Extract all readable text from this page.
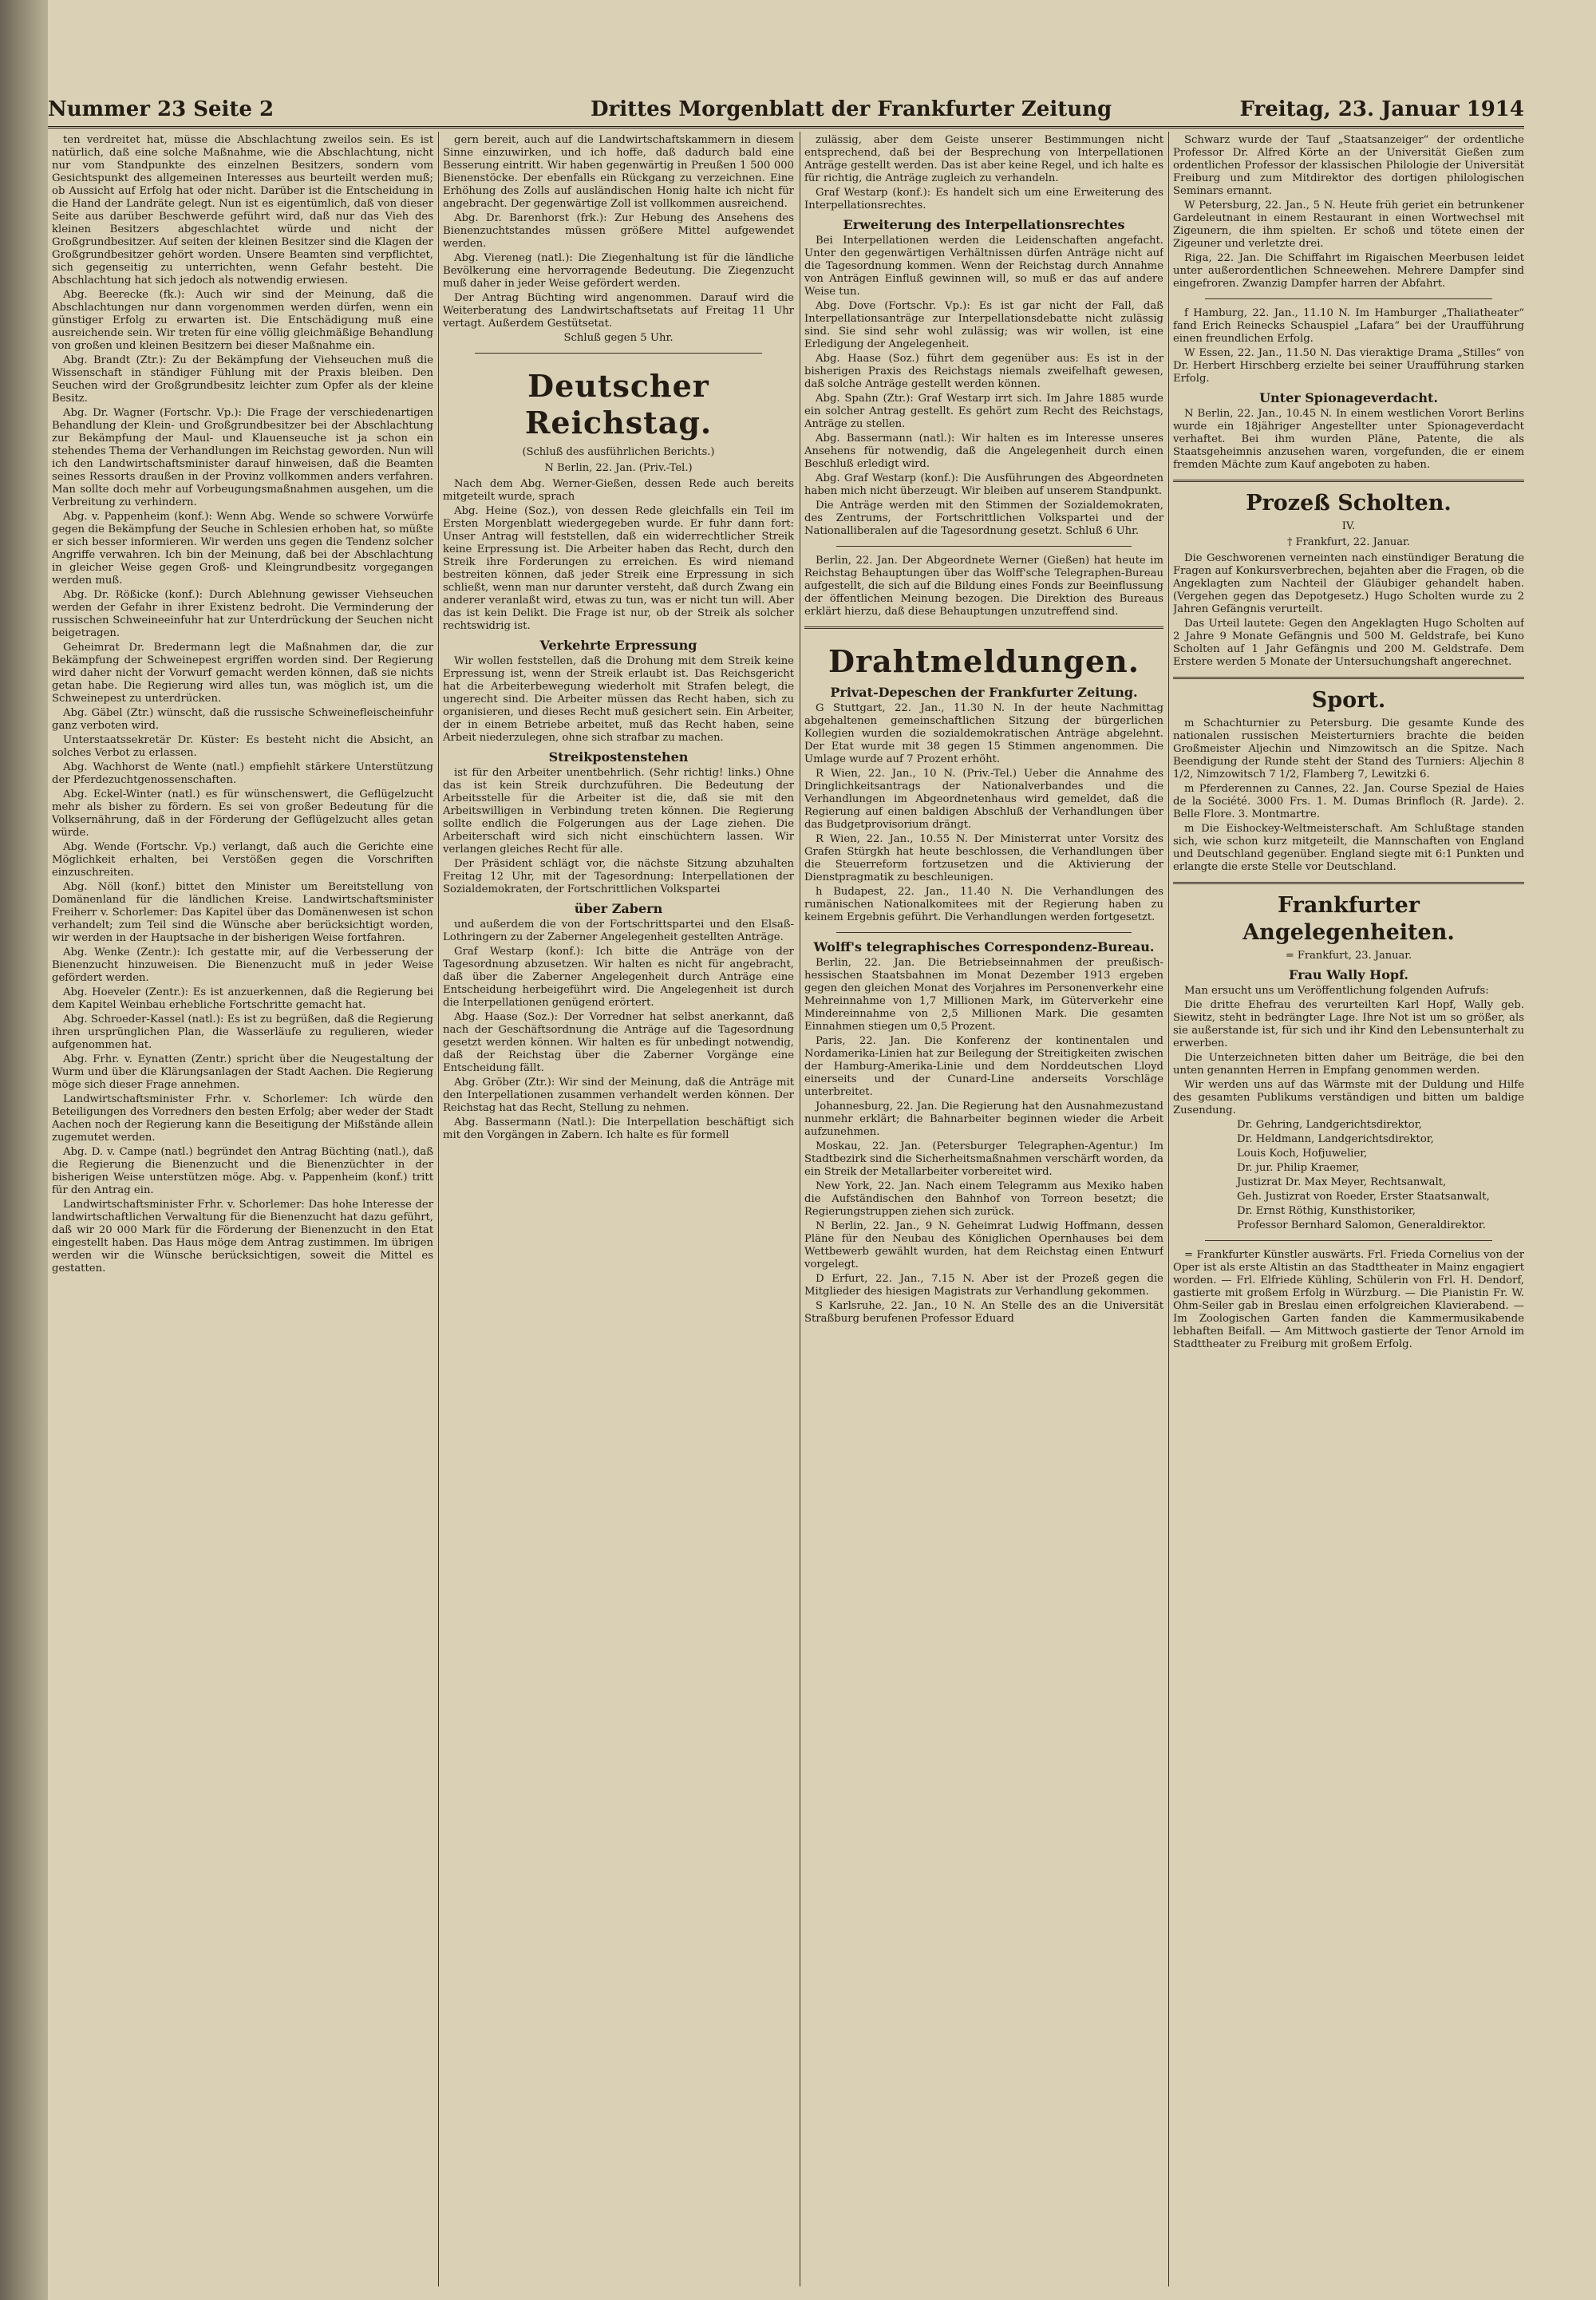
Nummer 23 Seite 2	Drittes Morgenblatt der Frankfurter Zeitung	Freitag, 23. Januar 1914

ten verdreitet hat, müsse die Abschlachtung zweilos sein. Es ist natürlich, daß eine solche Maßnahme, wie die Abschlachtung, nicht nur vom Standpunkte des einzelnen Besitzers, sondern vom Gesichtspunkt des allgemeinen Interesses aus beurteilt werden muß; ob Aussicht auf Erfolg hat oder nicht. Darüber ist die Entscheidung in die Hand der Landräte gelegt. Nun ist es eigentümlich, daß von dieser Seite aus darüber Beschwerde geführt wird, daß nur das Vieh des kleinen Besitzers abgeschlachtet würde und nicht der Großgrundbesitzer. Auf seiten der kleinen Besitzer sind die Klagen der Großgrundbesitzer gehört worden. Unsere Beamten sind verpflichtet, sich gegenseitig zu unterrichten, wenn Gefahr besteht. Die Abschlachtung hat sich jedoch als notwendig erwiesen.

Abg. Beerecke (fk.): Auch wir sind der Meinung, daß die Abschlachtungen nur dann vorgenommen werden dürfen, wenn ein günstiger Erfolg zu erwarten ist. Die Entschädigung muß eine ausreichende sein. Wir treten für eine völlig gleichmäßige Behandlung von großen und kleinen Besitzern bei dieser Maßnahme ein.

Abg. Brandt (Ztr.): Zu der Bekämpfung der Viehseuchen muß die Wissenschaft in ständiger Fühlung mit der Praxis bleiben. Den Seuchen wird der Großgrundbesitz leichter zum Opfer als der kleine Besitz.

Abg. Dr. Wagner (Fortschr. Vp.): Die Frage der verschiedenartigen Behandlung der Klein- und Großgrundbesitzer bei der Abschlachtung zur Bekämpfung der Maul- und Klauenseuche ist ja schon ein stehendes Thema der Verhandlungen im Reichstag geworden. Nun will ich den Landwirtschaftsminister darauf hinweisen, daß die Beamten seines Ressorts draußen in der Provinz vollkommen anders verfahren. Man sollte doch mehr auf Vorbeugungsmaßnahmen ausgehen, um die Verbreitung zu verhindern.

Abg. v. Pappenheim (konf.): Wenn Abg. Wende so schwere Vorwürfe gegen die Bekämpfung der Seuche in Schlesien erhoben hat, so müßte er sich besser informieren. Wir werden uns gegen die Tendenz solcher Angriffe verwahren. Ich bin der Meinung, daß bei der Abschlachtung in gleicher Weise gegen Groß- und Kleingrundbesitz vorgegangen werden muß.

Abg. Dr. Rößicke (konf.): Durch Ablehnung gewisser Viehseuchen werden der Gefahr in ihrer Existenz bedroht. Die Verminderung der russischen Schweineeinfuhr hat zur Unterdrückung der Seuchen nicht beigetragen.

Geheimrat Dr. Bredermann legt die Maßnahmen dar, die zur Bekämpfung der Schweinepest ergriffen worden sind. Der Regierung wird daher nicht der Vorwurf gemacht werden können, daß sie nichts getan habe. Die Regierung wird alles tun, was möglich ist, um die Schweinepest zu unterdrücken.

Abg. Gäbel (Ztr.) wünscht, daß die russische Schweinefleischeinfuhr ganz verboten wird.

Unterstaatssekretär Dr. Küster: Es besteht nicht die Absicht, an solches Verbot zu erlassen.

Abg. Wachhorst de Wente (natl.) empfiehlt stärkere Unterstützung der Pferdezuchtgenossenschaften.

Abg. Eckel-Winter (natl.) es für wünschenswert, die Geflügelzucht mehr als bisher zu fördern. Es sei von großer Bedeutung für die Volksernährung, daß in der Förderung der Geflügelzucht alles getan würde.

Abg. Wende (Fortschr. Vp.) verlangt, daß auch die Gerichte eine Möglichkeit erhalten, bei Verstößen gegen die Vorschriften einzuschreiten.

Abg. Nöll (konf.) bittet den Minister um Bereitstellung von Domänenland für die ländlichen Kreise. Landwirtschaftsminister Freiherr v. Schorlemer: Das Kapitel über das Domänenwesen ist schon verhandelt; zum Teil sind die Wünsche aber berücksichtigt worden, wir werden in der Hauptsache in der bisherigen Weise fortfahren.

Abg. Wenke (Zentr.): Ich gestatte mir, auf die Verbesserung der Bienenzucht hinzuweisen. Die Bienenzucht muß in jeder Weise gefördert werden.

Abg. Hoeveler (Zentr.): Es ist anzuerkennen, daß die Regierung bei dem Kapitel Weinbau erhebliche Fortschritte gemacht hat.

Abg. Schroeder-Kassel (natl.): Es ist zu begrüßen, daß die Regierung ihren ursprünglichen Plan, die Wasserläufe zu regulieren, wieder aufgenommen hat.

Abg. Frhr. v. Eynatten (Zentr.) spricht über die Neugestaltung der Wurm und über die Klärungsanlagen der Stadt Aachen. Die Regierung möge sich dieser Frage annehmen.

Landwirtschaftsminister Frhr. v. Schorlemer: Ich würde den Beteiligungen des Vorredners den besten Erfolg; aber weder der Stadt Aachen noch der Regierung kann die Beseitigung der Mißstände allein zugemutet werden.

Abg. D. v. Campe (natl.) begründet den Antrag Büchting (natl.), daß die Regierung die Bienenzucht und die Bienenzüchter in der bisherigen Weise unterstützen möge. Abg. v. Pappenheim (konf.) tritt für den Antrag ein.

Landwirtschaftsminister Frhr. v. Schorlemer: Das hohe Interesse der landwirtschaftlichen Verwaltung für die Bienenzucht hat dazu geführt, daß wir 20 000 Mark für die Förderung der Bienenzucht in den Etat eingestellt haben. Das Haus möge dem Antrag zustimmen. Im übrigen werden wir die Wünsche berücksichtigen, soweit die Mittel es gestatten.

gern bereit, auch auf die Landwirtschaftskammern in diesem Sinne einzuwirken, und ich hoffe, daß dadurch bald eine Besserung eintritt. Wir haben gegenwärtig in Preußen 1 500 000 Bienenstöcke. Der ebenfalls ein Rückgang zu verzeichnen. Eine Erhöhung des Zolls auf ausländischen Honig halte ich nicht für angebracht. Der gegenwärtige Zoll ist vollkommen ausreichend.

Abg. Dr. Barenhorst (frk.): Zur Hebung des Ansehens des Bienenzuchtstandes müssen größere Mittel aufgewendet werden.

Abg. Viereneg (natl.): Die Ziegenhaltung ist für die ländliche Bevölkerung eine hervorragende Bedeutung. Die Ziegenzucht muß daher in jeder Weise gefördert werden.

Der Antrag Büchting wird angenommen. Darauf wird die Weiterberatung des Landwirtschaftsetats auf Freitag 11 Uhr vertagt. Außerdem Gestütsetat.

Schluß gegen 5 Uhr.

Deutscher Reichstag.
(Schluß des ausführlichen Berichts.)
N Berlin, 22. Jan. (Priv.-Tel.)

Nach dem Abg. Werner-Gießen, dessen Rede auch bereits mitgeteilt wurde, sprach

Abg. Heine (Soz.), von dessen Rede gleichfalls ein Teil im Ersten Morgenblatt wiedergegeben wurde. Er fuhr dann fort: Unser Antrag will feststellen, daß ein widerrechtlicher Streik keine Erpressung ist. Die Arbeiter haben das Recht, durch den Streik ihre Forderungen zu erreichen. Es wird niemand bestreiten können, daß jeder Streik eine Erpressung in sich schließt, wenn man nur darunter versteht, daß durch Zwang ein anderer veranlaßt wird, etwas zu tun, was er nicht tun will. Aber das ist kein Delikt. Die Frage ist nur, ob der Streik als solcher rechtswidrig ist.

Verkehrte Erpressung

Wir wollen feststellen, daß die Drohung mit dem Streik keine Erpressung ist, wenn der Streik erlaubt ist. Das Reichsgericht hat die Arbeiterbewegung wiederholt mit Strafen belegt, die ungerecht sind. Die Arbeiter müssen das Recht haben, sich zu organisieren, und dieses Recht muß gesichert sein. Ein Arbeiter, der in einem Betriebe arbeitet, muß das Recht haben, seine Arbeit niederzulegen, ohne sich strafbar zu machen.

Streikpostenstehen

ist für den Arbeiter unentbehrlich. (Sehr richtig! links.) Ohne das ist kein Streik durchzuführen. Die Bedeutung der Arbeitsstelle für die Arbeiter ist die, daß sie mit den Arbeitswilligen in Verbindung treten können. Die Regierung sollte endlich die Folgerungen aus der Lage ziehen. Die Arbeiterschaft wird sich nicht einschüchtern lassen. Wir verlangen gleiches Recht für alle.

Der Präsident schlägt vor, die nächste Sitzung abzuhalten Freitag 12 Uhr, mit der Tagesordnung: Interpellationen der Sozialdemokraten, der Fortschrittlichen Volkspartei

über Zabern

und außerdem die von der Fortschrittspartei und den Elsaß-Lothringern zu der Zaberner Angelegenheit gestellten Anträge.

Graf Westarp (konf.): Ich bitte die Anträge von der Tagesordnung abzusetzen. Wir halten es nicht für angebracht, daß über die Zaberner Angelegenheit durch Anträge eine Entscheidung herbeigeführt wird. Die Angelegenheit ist durch die Interpellationen genügend erörtert.

Abg. Haase (Soz.): Der Vorredner hat selbst anerkannt, daß nach der Geschäftsordnung die Anträge auf die Tagesordnung gesetzt werden können. Wir halten es für unbedingt notwendig, daß der Reichstag über die Zaberner Vorgänge eine Entscheidung fällt.

Abg. Gröber (Ztr.): Wir sind der Meinung, daß die Anträge mit den Interpellationen zusammen verhandelt werden können. Der Reichstag hat das Recht, Stellung zu nehmen.

Abg. Bassermann (Natl.): Die Interpellation beschäftigt sich mit den Vorgängen in Zabern. Ich halte es für formell

zulässig, aber dem Geiste unserer Bestimmungen nicht entsprechend, daß bei der Besprechung von Interpellationen Anträge gestellt werden. Das ist aber keine Regel, und ich halte es für richtig, die Anträge zugleich zu verhandeln.

Graf Westarp (konf.): Es handelt sich um eine Erweiterung des Interpellationsrechtes.

Erweiterung des Interpellationsrechtes

Bei Interpellationen werden die Leidenschaften angefacht. Unter den gegenwärtigen Verhältnissen dürfen Anträge nicht auf die Tagesordnung kommen. Wenn der Reichstag durch Annahme von Anträgen Einfluß gewinnen will, so muß er das auf andere Weise tun.

Abg. Dove (Fortschr. Vp.): Es ist gar nicht der Fall, daß Interpellationsanträge zur Interpellationsdebatte nicht zulässig sind. Sie sind sehr wohl zulässig; was wir wollen, ist eine Erledigung der Angelegenheit.

Abg. Haase (Soz.) führt dem gegenüber aus: Es ist in der bisherigen Praxis des Reichstags niemals zweifelhaft gewesen, daß solche Anträge gestellt werden können.

Abg. Spahn (Ztr.): Graf Westarp irrt sich. Im Jahre 1885 wurde ein solcher Antrag gestellt. Es gehört zum Recht des Reichstags, Anträge zu stellen.

Abg. Bassermann (natl.): Wir halten es im Interesse unseres Ansehens für notwendig, daß die Angelegenheit durch einen Beschluß erledigt wird.

Abg. Graf Westarp (konf.): Die Ausführungen des Abgeordneten haben mich nicht überzeugt. Wir bleiben auf unserem Standpunkt.

Die Anträge werden mit den Stimmen der Sozialdemokraten, des Zentrums, der Fortschrittlichen Volkspartei und der Nationalliberalen auf die Tagesordnung gesetzt. Schluß 6 Uhr.

Berlin, 22. Jan. Der Abgeordnete Werner (Gießen) hat heute im Reichstag Behauptungen über das Wolff'sche Telegraphen-Bureau aufgestellt, die sich auf die Bildung eines Fonds zur Beeinflussung der öffentlichen Meinung bezogen. Die Direktion des Bureaus erklärt hierzu, daß diese Behauptungen unzutreffend sind.

Drahtmeldungen.
Privat-Depeschen der Frankfurter Zeitung.

G Stuttgart, 22. Jan., 11.30 N. In der heute Nachmittag abgehaltenen gemeinschaftlichen Sitzung der bürgerlichen Kollegien wurden die sozialdemokratischen Anträge abgelehnt. Der Etat wurde mit 38 gegen 15 Stimmen angenommen. Die Umlage wurde auf 7 Prozent erhöht.

R Wien, 22. Jan., 10 N. (Priv.-Tel.) Ueber die Annahme des Dringlichkeitsantrags der Nationalverbandes und die Verhandlungen im Abgeordnetenhaus wird gemeldet, daß die Regierung auf einen baldigen Abschluß der Verhandlungen über das Budgetprovisorium drängt.

R Wien, 22. Jan., 10.55 N. Der Ministerrat unter Vorsitz des Grafen Stürgkh hat heute beschlossen, die Verhandlungen über die Steuerreform fortzusetzen und die Aktivierung der Dienstpragmatik zu beschleunigen.

h Budapest, 22. Jan., 11.40 N. Die Verhandlungen des rumänischen Nationalkomitees mit der Regierung haben zu keinem Ergebnis geführt. Die Verhandlungen werden fortgesetzt.

Wolff's telegraphisches Correspondenz-Bureau.

Berlin, 22. Jan. Die Betriebseinnahmen der preußisch-hessischen Staatsbahnen im Monat Dezember 1913 ergeben gegen den gleichen Monat des Vorjahres im Personenverkehr eine Mehreinnahme von 1,7 Millionen Mark, im Güterverkehr eine Mindereinnahme von 2,5 Millionen Mark. Die gesamten Einnahmen stiegen um 0,5 Prozent.

Paris, 22. Jan. Die Konferenz der kontinentalen und Nordamerika-Linien hat zur Beilegung der Streitigkeiten zwischen der Hamburg-Amerika-Linie und dem Norddeutschen Lloyd einerseits und der Cunard-Line anderseits Vorschläge unterbreitet.

Johannesburg, 22. Jan. Die Regierung hat den Ausnahmezustand nunmehr erklärt; die Bahnarbeiter beginnen wieder die Arbeit aufzunehmen.

Moskau, 22. Jan. (Petersburger Telegraphen-Agentur.) Im Stadtbezirk sind die Sicherheitsmaßnahmen verschärft worden, da ein Streik der Metallarbeiter vorbereitet wird.

New York, 22. Jan. Nach einem Telegramm aus Mexiko haben die Aufständischen den Bahnhof von Torreon besetzt; die Regierungstruppen ziehen sich zurück.

N Berlin, 22. Jan., 9 N. Geheimrat Ludwig Hoffmann, dessen Pläne für den Neubau des Königlichen Opernhauses bei dem Wettbewerb gewählt wurden, hat dem Reichstag einen Entwurf vorgelegt.

D Erfurt, 22. Jan., 7.15 N. Aber ist der Prozeß gegen die Mitglieder des hiesigen Magistrats zur Verhandlung gekommen.

S Karlsruhe, 22. Jan., 10 N. An Stelle des an die Universität Straßburg berufenen Professor Eduard

Schwarz wurde der Tauf „Staatsanzeiger“ der ordentliche Professor Dr. Alfred Körte an der Universität Gießen zum ordentlichen Professor der klassischen Philologie der Universität Freiburg und zum Mitdirektor des dortigen philologischen Seminars ernannt.

W Petersburg, 22. Jan., 5 N. Heute früh geriet ein betrunkener Gardeleutnant in einem Restaurant in einen Wortwechsel mit Zigeunern, die ihm spielten. Er schoß und tötete einen der Zigeuner und verletzte drei.

Riga, 22. Jan. Die Schiffahrt im Rigaischen Meerbusen leidet unter außerordentlichen Schneewehen. Mehrere Dampfer sind eingefroren. Zwanzig Dampfer harren der Abfahrt.

f Hamburg, 22. Jan., 11.10 N. Im Hamburger „Thaliatheater“ fand Erich Reinecks Schauspiel „Lafara“ bei der Uraufführung einen freundlichen Erfolg.

W Essen, 22. Jan., 11.50 N. Das vieraktige Drama „Stilles“ von Dr. Herbert Hirschberg erzielte bei seiner Uraufführung starken Erfolg.

Unter Spionageverdacht.

N Berlin, 22. Jan., 10.45 N. In einem westlichen Vorort Berlins wurde ein 18jähriger Angestellter unter Spionageverdacht verhaftet. Bei ihm wurden Pläne, Patente, die als Staatsgeheimnis anzusehen waren, vorgefunden, die er einem fremden Mächte zum Kauf angeboten zu haben.

Prozeß Scholten.
IV.
† Frankfurt, 22. Januar.

Die Geschworenen verneinten nach einstündiger Beratung die Fragen auf Konkursverbrechen, bejahten aber die Fragen, ob die Angeklagten zum Nachteil der Gläubiger gehandelt haben. (Vergehen gegen das Depotgesetz.) Hugo Scholten wurde zu 2 Jahren Gefängnis verurteilt.

Das Urteil lautete: Gegen den Angeklagten Hugo Scholten auf 2 Jahre 9 Monate Gefängnis und 500 M. Geldstrafe, bei Kuno Scholten auf 1 Jahr Gefängnis und 200 M. Geldstrafe. Dem Erstere werden 5 Monate der Untersuchungshaft angerechnet.

Sport.

m Schachturnier zu Petersburg. Die gesamte Kunde des nationalen russischen Meisterturniers brachte die beiden Großmeister Aljechin und Nimzowitsch an die Spitze. Nach Beendigung der Runde steht der Stand des Turniers: Aljechin 8 1/2, Nimzowitsch 7 1/2, Flamberg 7, Lewitzki 6.

m Pferderennen zu Cannes, 22. Jan. Course Spezial de Haies de la Société. 3000 Frs. 1. M. Dumas Brinfloch (R. Jarde). 2. Belle Flore. 3. Montmartre.

m Die Eishockey-Weltmeisterschaft. Am Schlußtage standen sich, wie schon kurz mitgeteilt, die Mannschaften von England und Deutschland gegenüber. England siegte mit 6:1 Punkten und erlangte die erste Stelle vor Deutschland.

Frankfurter Angelegenheiten.
= Frankfurt, 23. Januar.
Frau Wally Hopf.

Man ersucht uns um Veröffentlichung folgenden Aufrufs:

Die dritte Ehefrau des verurteilten Karl Hopf, Wally geb. Siewitz, steht in bedrängter Lage. Ihre Not ist um so größer, als sie außerstande ist, für sich und ihr Kind den Lebensunterhalt zu erwerben.

Die Unterzeichneten bitten daher um Beiträge, die bei den unten genannten Herren in Empfang genommen werden.

Wir werden uns auf das Wärmste mit der Duldung und Hilfe des gesamten Publikums verständigen und bitten um baldige Zusendung.

Dr. Gehring, Landgerichtsdirektor,

Dr. Heldmann, Landgerichtsdirektor,

Louis Koch, Hofjuwelier,

Dr. jur. Philip Kraemer,

Justizrat Dr. Max Meyer, Rechtsanwalt,

Geh. Justizrat von Roeder, Erster Staatsanwalt,

Dr. Ernst Röthig, Kunsthistoriker,

Professor Bernhard Salomon, Generaldirektor.

= Frankfurter Künstler auswärts. Frl. Frieda Cornelius von der Oper ist als erste Altistin an das Stadttheater in Mainz engagiert worden. — Frl. Elfriede Kühling, Schülerin von Frl. H. Dendorf, gastierte mit großem Erfolg in Würzburg. — Die Pianistin Fr. W. Ohm-Seiler gab in Breslau einen erfolgreichen Klavierabend. — Im Zoologischen Garten fanden die Kammermusikabende lebhaften Beifall. — Am Mittwoch gastierte der Tenor Arnold im Stadttheater zu Freiburg mit großem Erfolg.
